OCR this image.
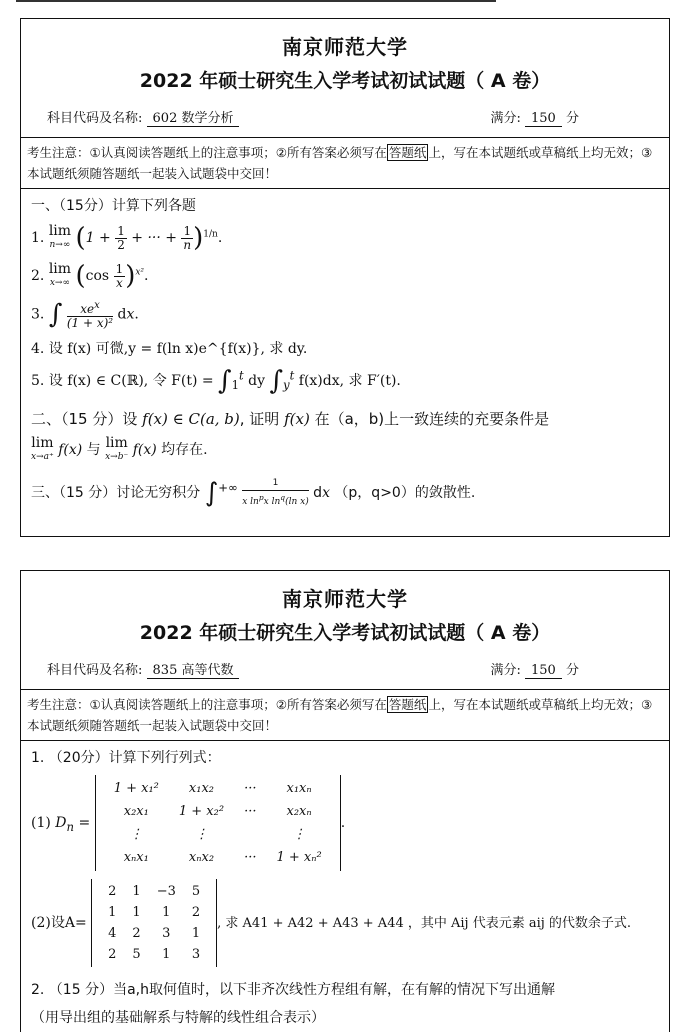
南京师范大学
2022 年硕士研究生入学考试初试试题（ A 卷）
科目代码及名称: 602 数学分析	满分: 150 分
考生注意：①认真阅读答题纸上的注意事项；②所有答案必须写在 答题纸 上，写在本试题纸或草稿纸上均无效；③本试题纸须随答题纸一起装入试题袋中交回！
一、（15分）计算下列各题
1. lim
n→∞ ($1 + \frac{1}{2}$ + ··· + $\frac{1}{n} )^{1/n}$.
2. lim
x→∞ $(\cos \frac{1}{x} )^{x^2}$.
3. ∫ $\frac{xe^x}{\text{(1 + x)²}}$ dx.
4. 设 f(x) 可微,y = f(ln x)e^{f(x)}, 求 dy.
5. 设 f(x) ∈ C(ℝ), 令 $F(t) = \int_1^t$ dy $\int_y^t$ f(x)dx, 求 F′(t).
二、（15 分）设 f(x) ∈ C(a, b), 证明 f(x) 在（a，b)上一致连续的充要条件是
lim
x→a⁺ f(x) 与 lim
x→b⁻ f(x) 均存在.
三、（15 分）讨论无穷积分 $\int^{+\infty} \frac{1}{x \ln^px \ln^q(\ln x)}$ dx （p，q>0）的敛散性.
南京师范大学
2022 年硕士研究生入学考试初试试题（ A 卷）
科目代码及名称: 835 高等代数	满分: 150 分
考生注意：①认真阅读答题纸上的注意事项；②所有答案必须写在 答题纸 上，写在本试题纸或草稿纸上均无效；③本试题纸须随答题纸一起装入试题袋中交回！
1. （20分）计算下列行列式：
(1) $D_n$ =
1 + x₁²	x₁x₂	···	x₁xₙ
x₂x₁	1 + x₂²	···	x₂xₙ
⋮	⋮		⋮
xₙx₁	xₙx₂	···	1 + xₙ²
.
(2)设A=
2	1	−3	5
1	1	1	2
4	2	3	1
2	5	1	3
, 求 A41 + A42 + A43 + A44 ，其中 Aij 代表元素 aij 的代数余子式.
2. （15 分）当a,h取何值时，以下非齐次线性方程组有解，在有解的情况下写出通解
（用导出组的基础解系与特解的线性组合表示）
